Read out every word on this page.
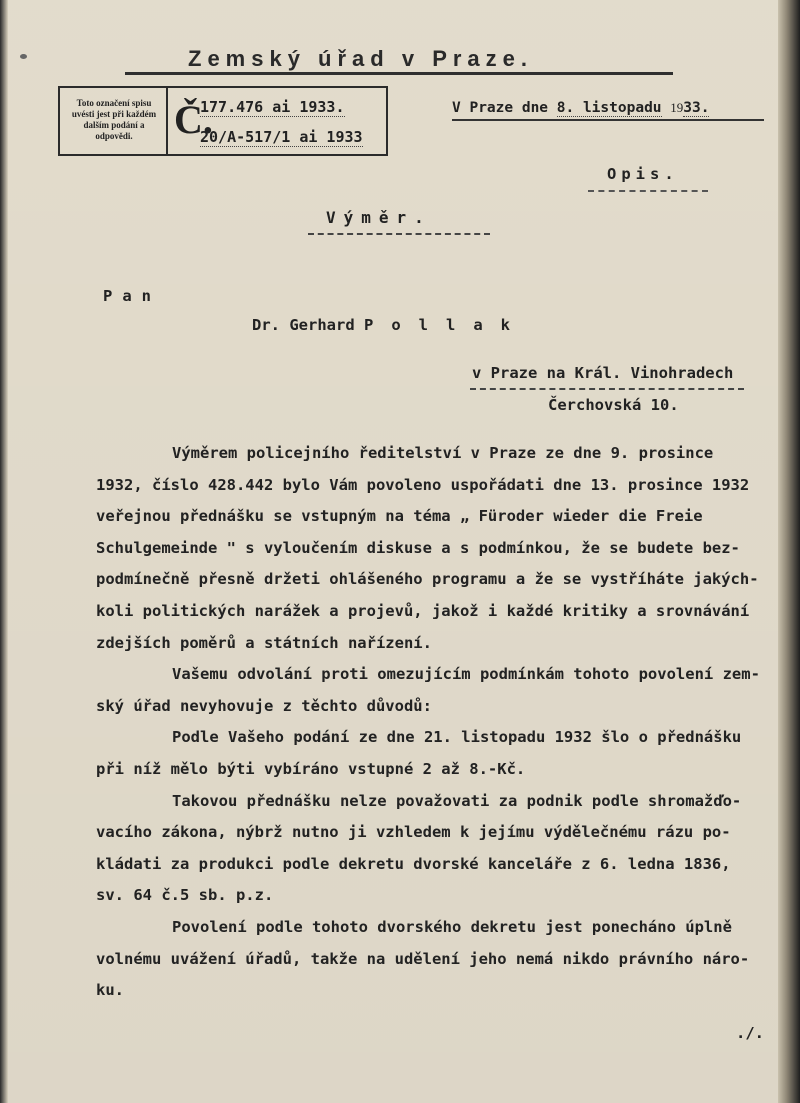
Zemský úřad v Praze.
Toto označení spisu uvésti jest při každém dalším podání a odpovědi.	Č.
177.476 ai 1933.
20/A-517/1 ai 1933
V Praze dne 8. listopadu 1933.
Opis.
Výměr.
Pan
Dr. Gerhard Pollak
v Praze na Král. Vinohradech
Čerchovská 10.
Výměrem policejního ředitelství v Praze ze dne 9. prosince
1932, číslo 428.442 bylo Vám povoleno uspořádati dne 13. prosince 1932
veřejnou přednášku se vstupným na téma „ Füroder wieder die Freie
Schulgemeinde " s vyloučením diskuse a s podmínkou, že se budete bez-
podmínečně přesně držeti ohlášeného programu a že se vystříháte jakých-
koli politických narážek a projevů, jakož i každé kritiky a srovnávání
zdejších poměrů a státních nařízení.
Vašemu odvolání proti omezujícím podmínkám tohoto povolení zem-
ský úřad nevyhovuje z těchto důvodů:
Podle Vašeho podání ze dne 21. listopadu 1932 šlo o přednášku
při níž mělo býti vybíráno vstupné 2 až 8.-Kč.
Takovou přednášku nelze považovati za podnik podle shromažďo-
vacího zákona, nýbrž nutno ji vzhledem k jejímu výdělečnému rázu po-
kládati za produkci podle dekretu dvorské kanceláře z 6. ledna 1836,
sv. 64 č.5 sb. p.z.
Povolení podle tohoto dvorského dekretu jest ponecháno úplně
volnému uvážení úřadů, takže na udělení jeho nemá nikdo právního náro-
ku.
./.
